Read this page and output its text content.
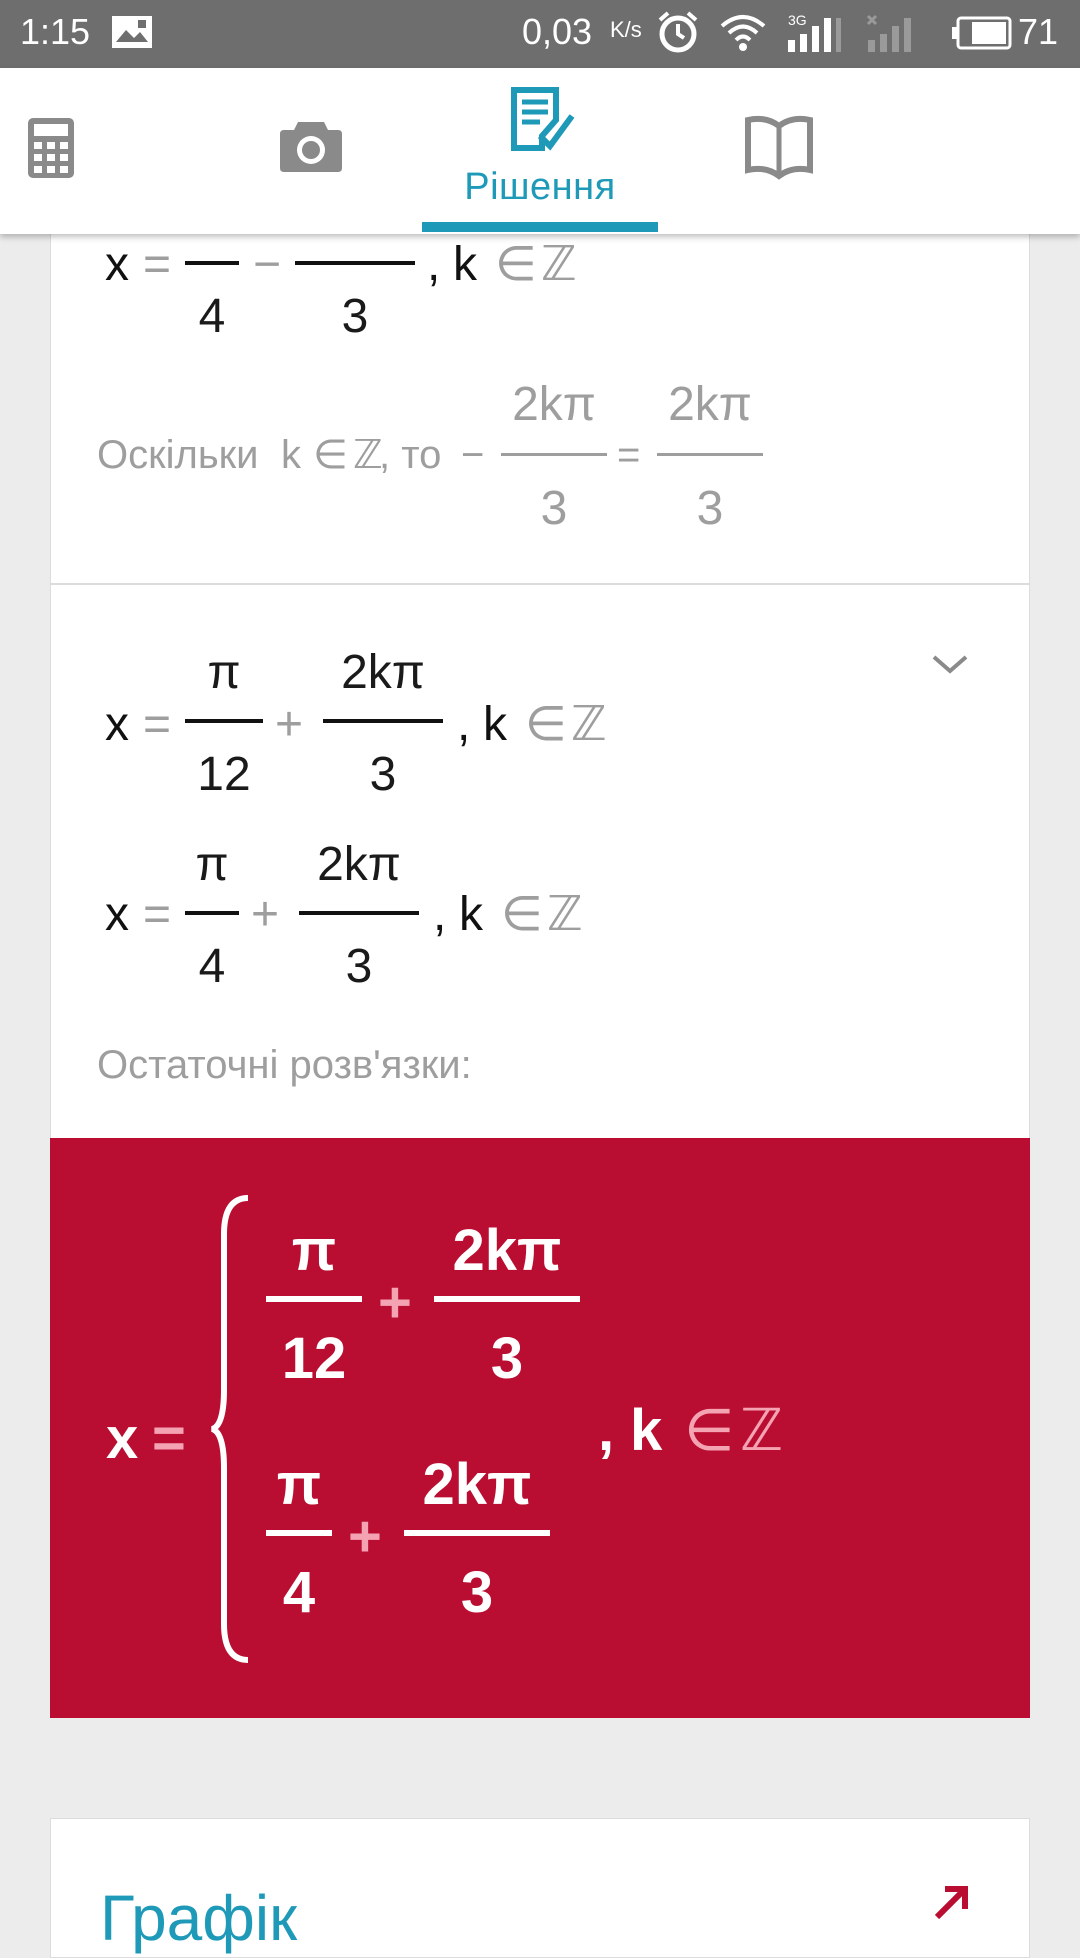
1:15	0,03 K/s	3G	71
Рішення
x =
4
−
3
, k ∈ ℤ
Оскільки k ∈ ℤ
, то −
2kπ
3
=
2kπ
3
x =
π
12
+
2kπ
3
, k ∈ ℤ
x =
π
4
+
2kπ
3
, k ∈ ℤ
Остаточні розв'язки:
x =
π
12
+
2kπ
3
π
4
+
2kπ
3
, k ∈ ℤ
Графік
